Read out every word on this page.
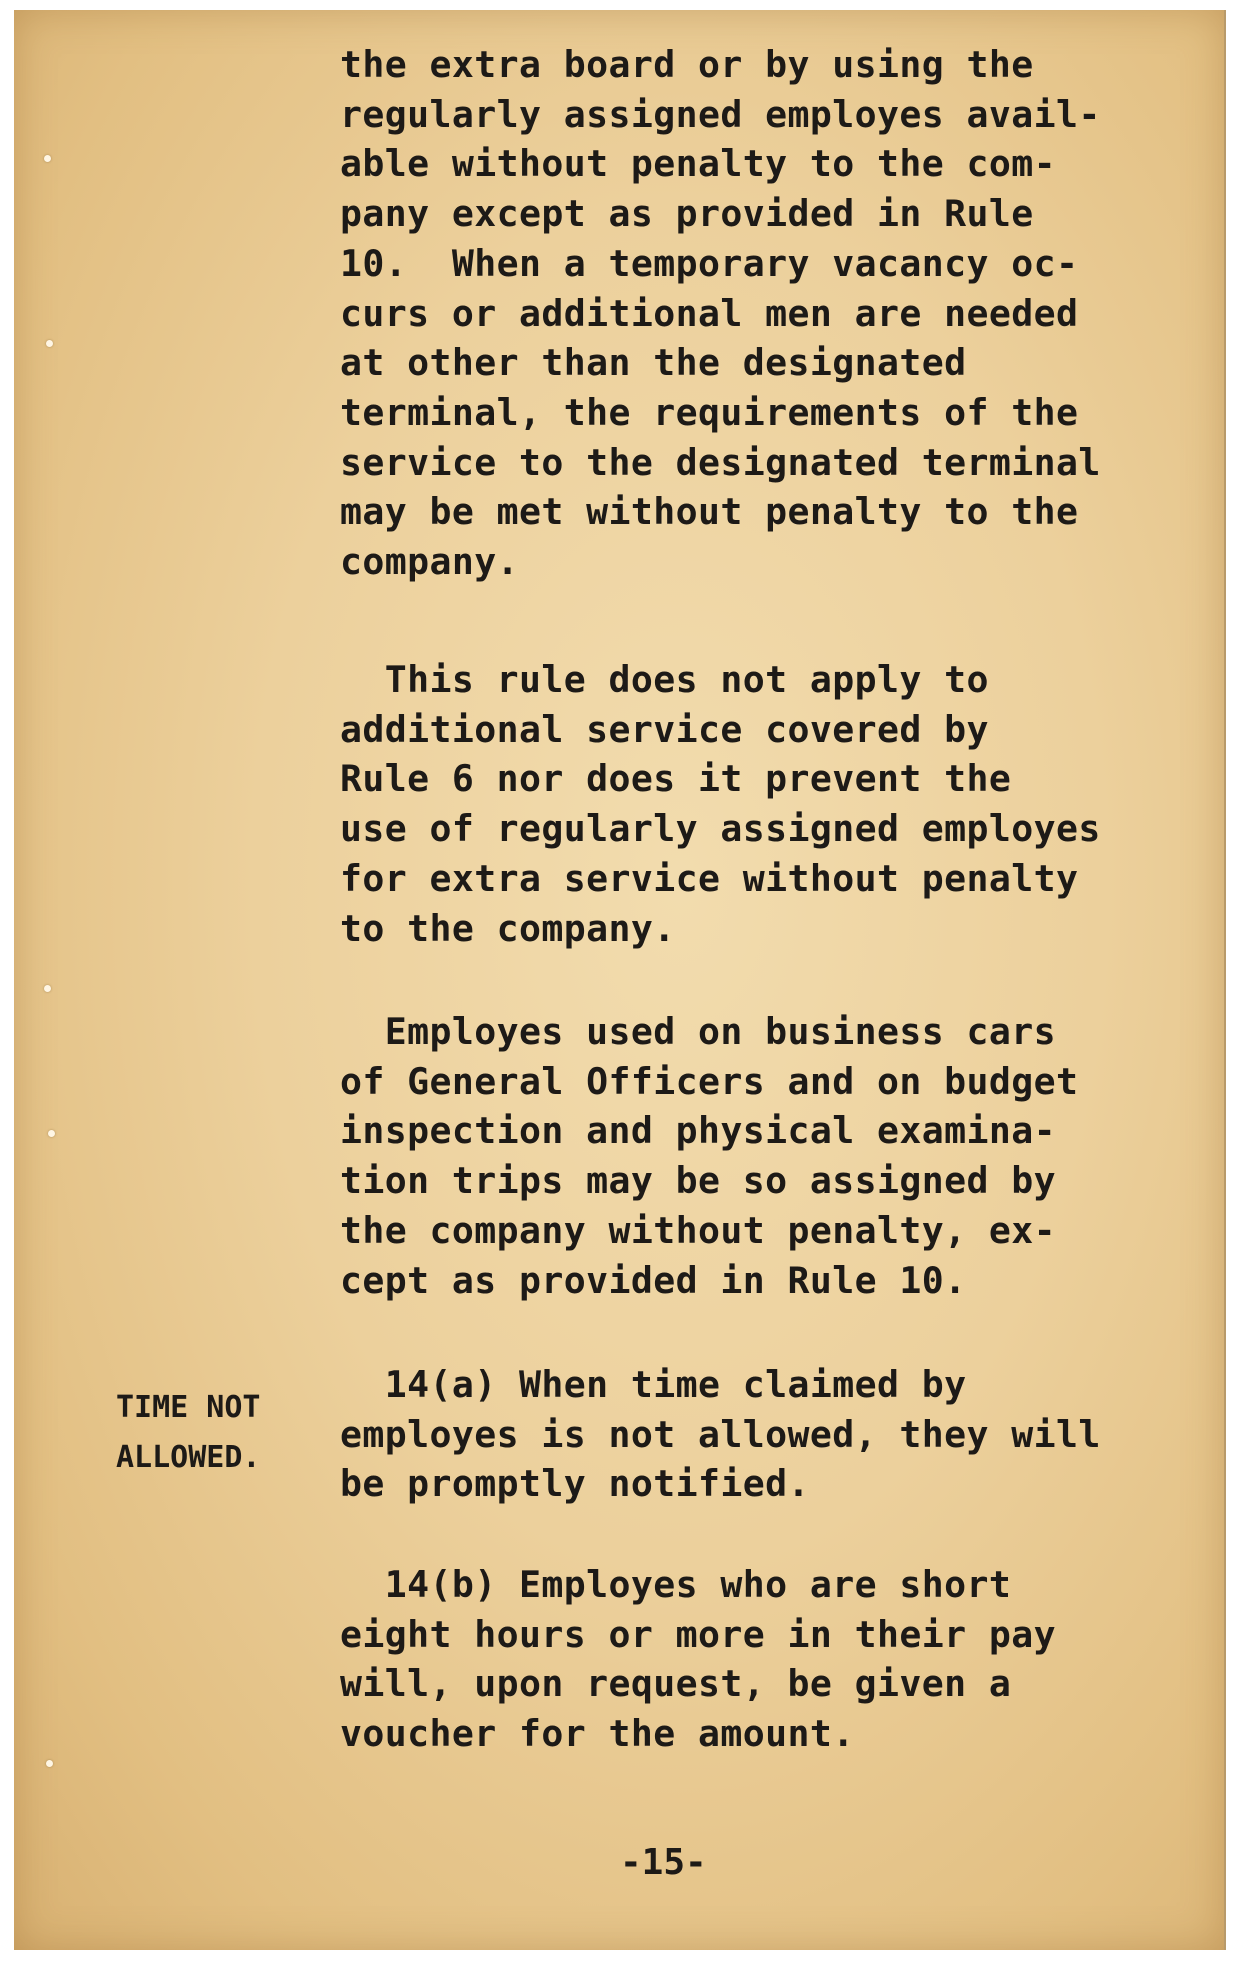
the extra board or by using the
regularly assigned employes avail-
able without penalty to the com-
pany except as provided in Rule
10.  When a temporary vacancy oc-
curs or additional men are needed
at other than the designated
terminal, the requirements of the
service to the designated terminal
may be met without penalty to the
company.
This rule does not apply to
additional service covered by
Rule 6 nor does it prevent the
use of regularly assigned employes
for extra service without penalty
to the company.
Employes used on business cars
of General Officers and on budget
inspection and physical examina-
tion trips may be so assigned by
the company without penalty, ex-
cept as provided in Rule 10.
TIME NOT
ALLOWED.
14(a) When time claimed by
employes is not allowed, they will
be promptly notified.
14(b) Employes who are short
eight hours or more in their pay
will, upon request, be given a
voucher for the amount.
-15-
